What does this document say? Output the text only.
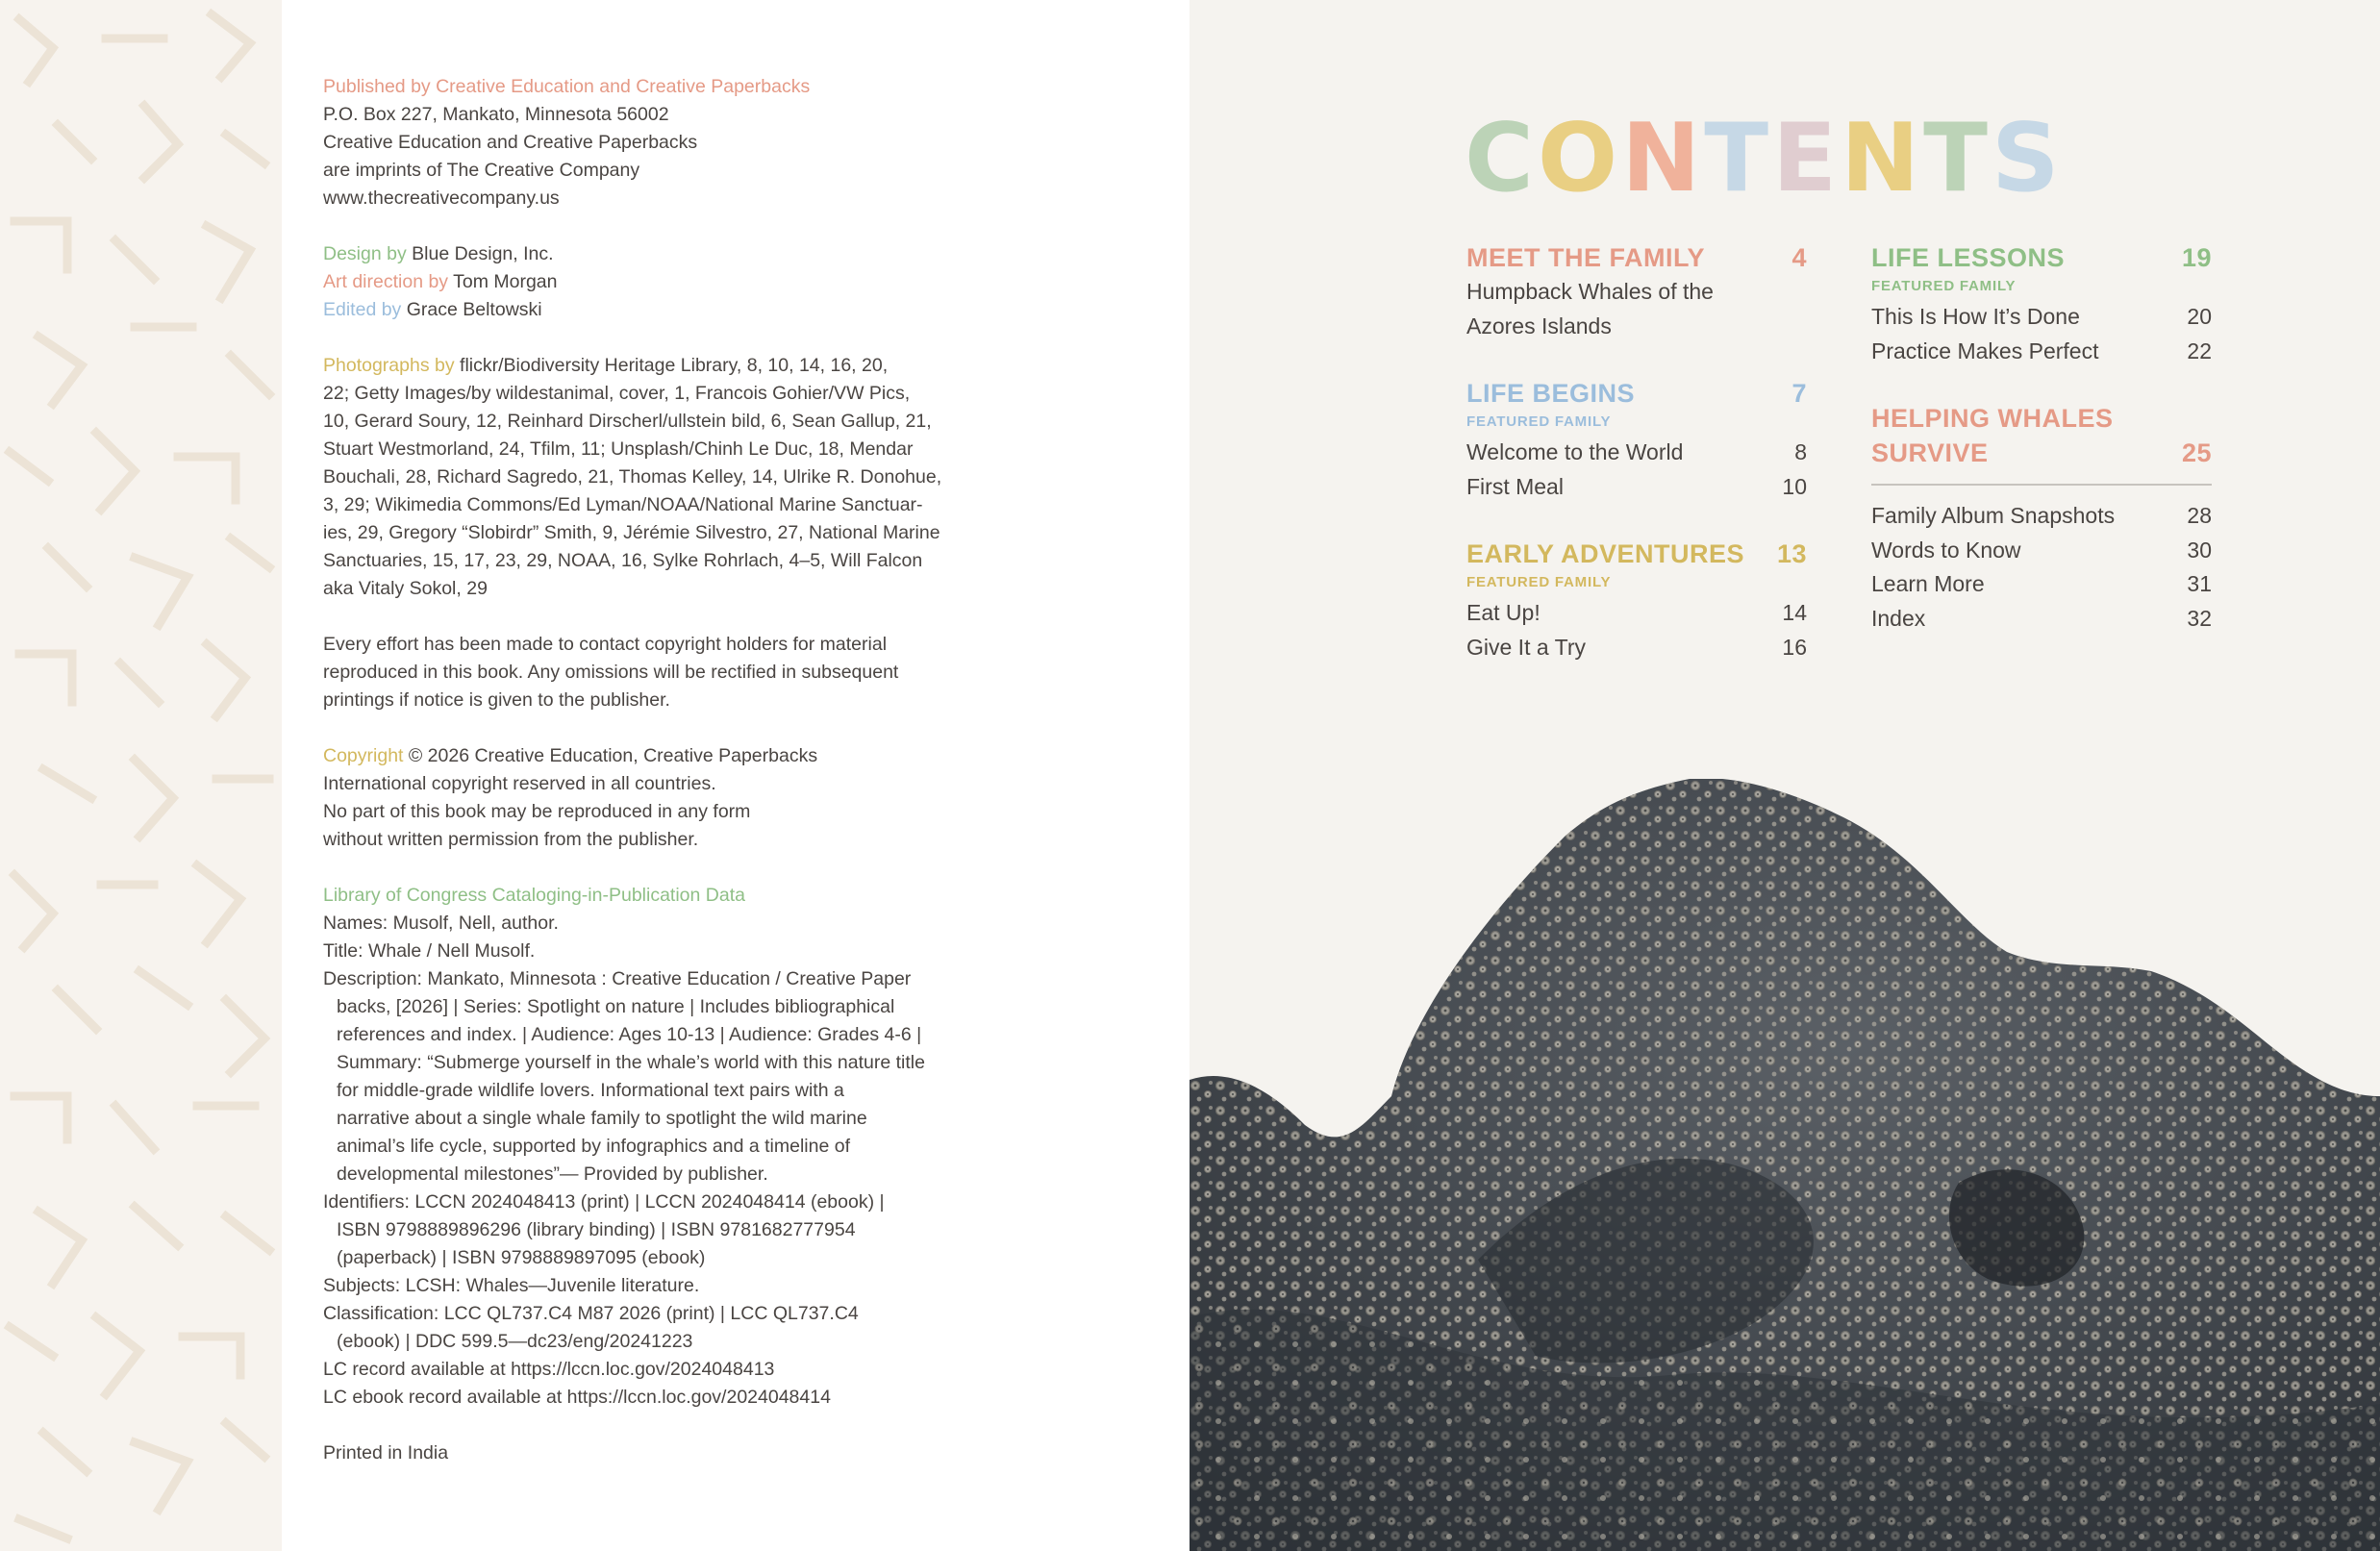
Published by Creative Education and Creative Paperbacks
P.O. Box 227, Mankato, Minnesota 56002
Creative Education and Creative Paperbacks
are imprints of The Creative Company
www.thecreativecompany.us

Design by Blue Design, Inc.
Art direction by Tom Morgan
Edited by Grace Beltowski

Photographs by flickr/Biodiversity Heritage Library, 8, 10, 14, 16, 20,
22; Getty Images/by wildestanimal, cover, 1, Francois Gohier/VW Pics,
10, Gerard Soury, 12, Reinhard Dirscherl/ullstein bild, 6, Sean Gallup, 21,
Stuart Westmorland, 24, Tfilm, 11; Unsplash/Chinh Le Duc, 18, Mendar
Bouchali, 28, Richard Sagredo, 21, Thomas Kelley, 14, Ulrike R. Donohue,
3, 29; Wikimedia Commons/Ed Lyman/NOAA/National Marine Sanctuar-
ies, 29, Gregory “Slobirdr” Smith, 9, Jérémie Silvestro, 27, National Marine
Sanctuaries, 15, 17, 23, 29, NOAA, 16, Sylke Rohrlach, 4–5, Will Falcon
aka Vitaly Sokol, 29

Every effort has been made to contact copyright holders for material
reproduced in this book. Any omissions will be rectified in subsequent
printings if notice is given to the publisher.

Copyright © 2026 Creative Education, Creative Paperbacks
International copyright reserved in all countries.
No part of this book may be reproduced in any form
without written permission from the publisher.

Library of Congress Cataloging-in-Publication Data
Names: Musolf, Nell, author.
Title: Whale / Nell Musolf.
Description: Mankato, Minnesota : Creative Education / Creative Paper
backs, [2026] | Series: Spotlight on nature | Includes bibliographical
references and index. | Audience: Ages 10-13 | Audience: Grades 4-6 |
Summary: “Submerge yourself in the whale’s world with this nature title
for middle-grade wildlife lovers. Informational text pairs with a
narrative about a single whale family to spotlight the wild marine
animal’s life cycle, supported by infographics and a timeline of
developmental milestones”— Provided by publisher.
Identifiers: LCCN 2024048413 (print) | LCCN 2024048414 (ebook) |
ISBN 9798889896296 (library binding) | ISBN 9781682777954
(paperback) | ISBN 9798889897095 (ebook)
Subjects: LCSH: Whales—Juvenile literature.
Classification: LCC QL737.C4 M87 2026 (print) | LCC QL737.C4
(ebook) | DDC 599.5—dc23/eng/20241223
LC record available at https://lccn.loc.gov/2024048413
LC ebook record available at https://lccn.loc.gov/2024048414

Printed in India

CONTENTS
MEET THE FAMILY	4
Humpback Whales of the
Azores Islands
LIFE BEGINS	7
FEATURED FAMILY
Welcome to the World	8
First Meal	10
EARLY ADVENTURES 13
FEATURED FAMILY
Eat Up!	14
Give It a Try	16
LIFE LESSONS	19
FEATURED FAMILY
This Is How It’s Done	20
Practice Makes Perfect	22
HELPING WHALES
SURVIVE	25
Family Album Snapshots	28
Words to Know	30
Learn More	31
Index	32
